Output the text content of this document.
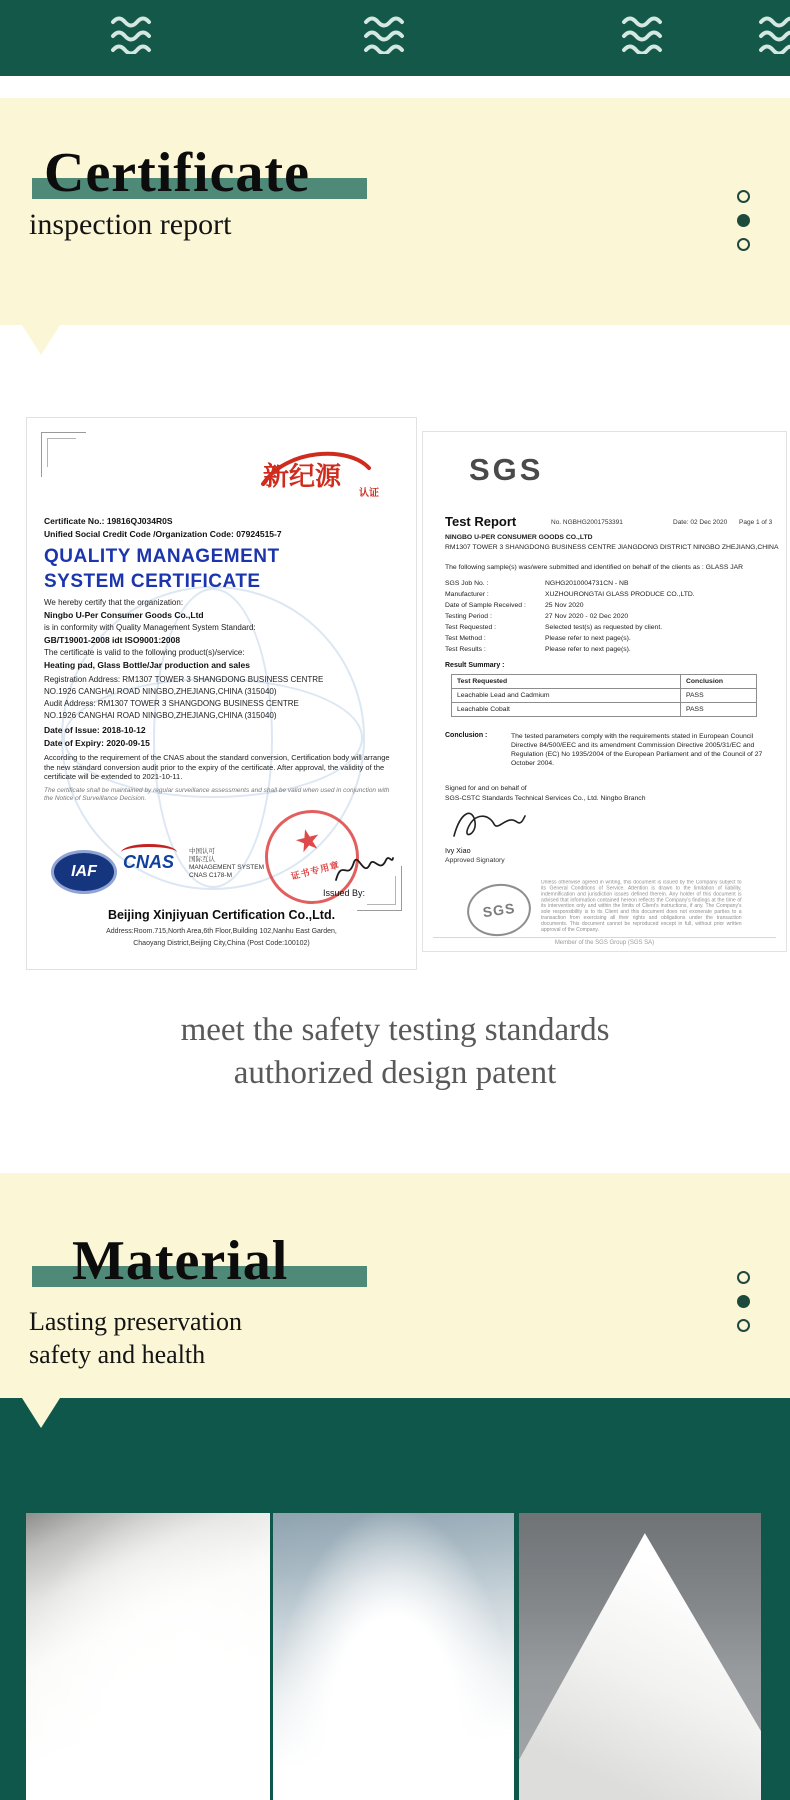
Certificate
inspection report
新纪源
认证
Certificate No.: 19816QJ034R0S
Unified Social Credit Code /Organization Code: 07924515-7
QUALITY MANAGEMENT
SYSTEM CERTIFICATE
We hereby certify that the organization:
Ningbo U-Per Consumer Goods Co.,Ltd
is in conformity with Quality Management System Standard:
GB/T19001-2008 idt ISO9001:2008
The certificate is valid to the following product(s)/service:
Heating pad, Glass Bottle/Jar production and sales
Registration Address: RM1307 TOWER 3 SHANGDONG BUSINESS CENTRE
NO.1926 CANGHAI ROAD NINGBO,ZHEJIANG,CHINA (315040)
Audit Address: RM1307 TOWER 3 SHANGDONG BUSINESS CENTRE
NO.1926 CANGHAI ROAD NINGBO,ZHEJIANG,CHINA (315040)
Date of Issue: 2018-10-12
Date of Expiry: 2020-09-15
According to the requirement of the CNAS about the standard conversion, Certification body will arrange the new standard conversion audit prior to the expiry of the certificate. After approval, the validity of the certificate will be extended to 2021-10-11.
The certificate shall be maintained by regular surveillance assessments and shall be valid when used in conjunction with the Notice of Surveillance Decision.
IAF	CNAS
中国认可
国际互认
MANAGEMENT SYSTEM
CNAS C178-M
★
证书专用章
Issued By:
Beijing Xinjiyuan Certification Co.,Ltd.
Address:Room.715,North Area,6th Floor,Building 102,Nanhu East Garden,
Chaoyang District,Beijing City,China (Post Code:100102)
SGS
Test Report	No. NGBHG2001753391	Date: 02 Dec 2020 Page 1 of 3
NINGBO U-PER CONSUMER GOODS CO.,LTD
RM1307 TOWER 3 SHANGDONG BUSINESS CENTRE JIANGDONG DISTRICT NINGBO ZHEJIANG,CHINA
The following sample(s) was/were submitted and identified on behalf of the clients as : GLASS JAR
SGS Job No. :	NGHG2010004731CN - NB
Manufacturer :	XUZHOURONGTAI GLASS PRODUCE CO.,LTD.
Date of Sample Received :	25 Nov 2020
Testing Period :	27 Nov 2020 - 02 Dec 2020
Test Requested :	Selected test(s) as requested by client.
Test Method :	Please refer to next page(s).
Test Results :	Please refer to next page(s).
Result Summary :
Test Requested	Conclusion
Leachable Lead and Cadmium	PASS
Leachable Cobalt	PASS
Conclusion :	The tested parameters comply with the requirements stated in European Council Directive 84/500/EEC and its amendment Commission Directive 2005/31/EC and Regulation (EC) No 1935/2004 of the European Parliament and of the Council of 27 October 2004.
Signed for and on behalf of
SGS-CSTC Standards Technical Services Co., Ltd. Ningbo Branch
Ivy Xiao
Approved Signatory
SGS
Unless otherwise agreed in writing, this document is issued by the Company subject to its General Conditions of Service. Attention is drawn to the limitation of liability, indemnification and jurisdiction issues defined therein. Any holder of this document is advised that information contained hereon reflects the Company's findings at the time of its intervention only and within the limits of Client's instructions, if any. The Company's sole responsibility is to its Client and this document does not exonerate parties to a transaction from exercising all their rights and obligations under the transaction documents. This document cannot be reproduced except in full, without prior written approval of the Company.
Member of the SGS Group (SGS SA)
meet the safety testing standards
authorized design patent
Material
Lasting preservation
safety and health
